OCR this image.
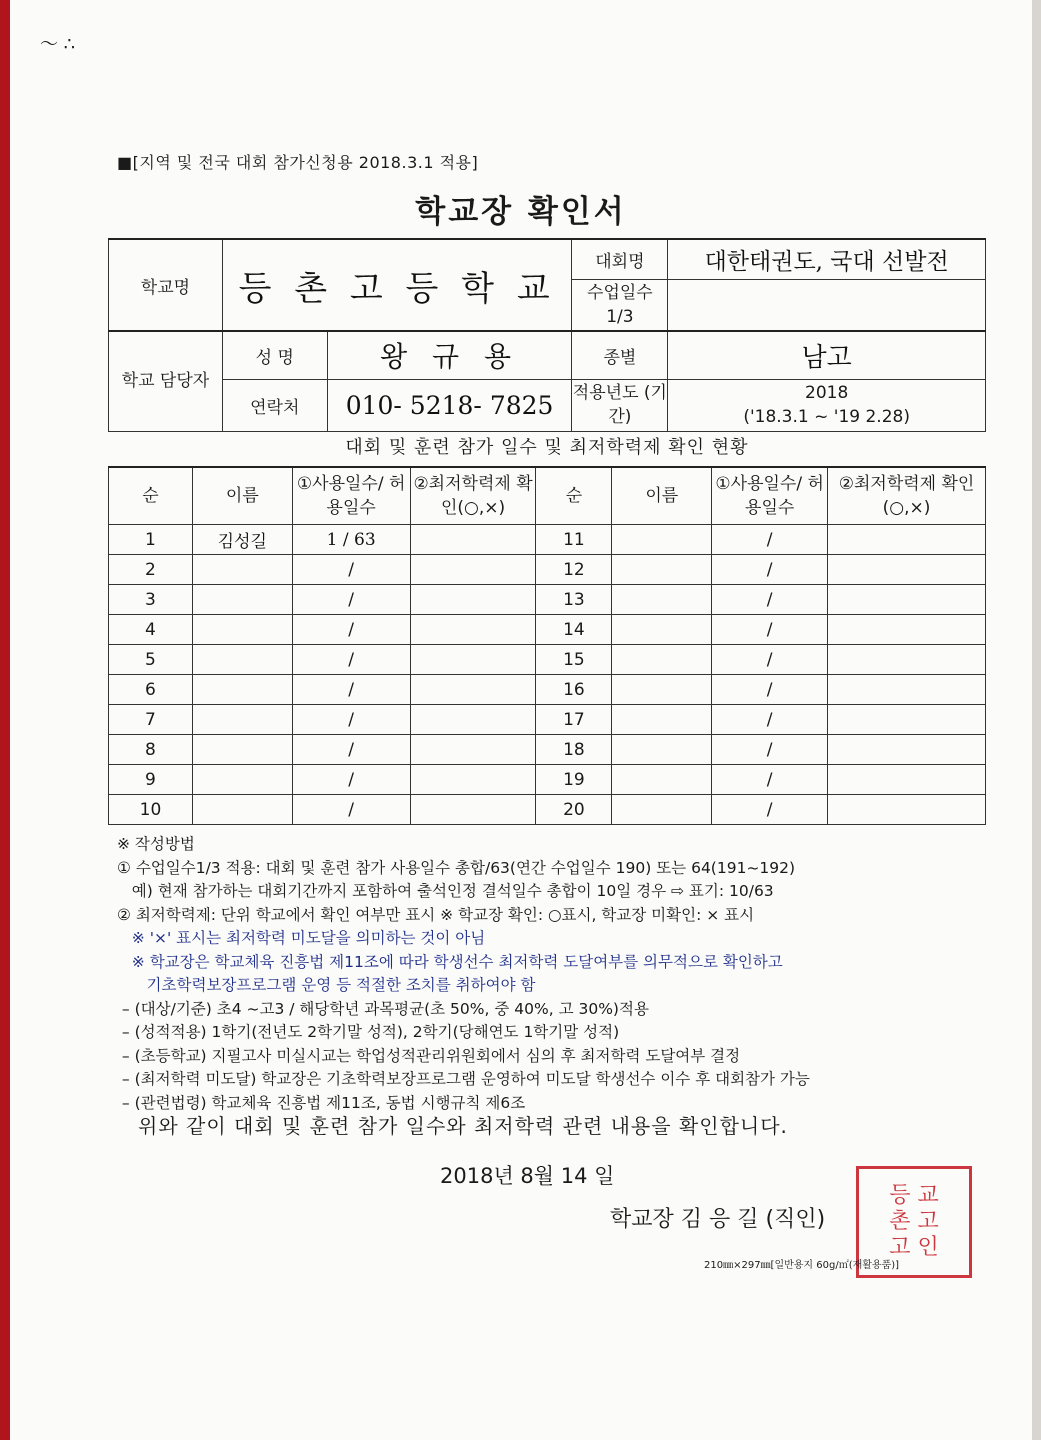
〜 ∴
■[지역 및 전국 대회 참가신청용 2018.3.1 적용]
학교장 확인서
학교명	등 촌 고 등 학 교		대회명	대한태권도, 국대 선발전
			수업일수 1/3	
학교 담당자	성 명	왕 규 용	종별	남고
	연락처	010- 5218- 7825	적용년도 (기간)	2018
('18.3.1 ~ '19 2.28)
대회 및 훈련 참가 일수 및 최저학력제 확인 현황
순	이름	①사용일수/ 허용일수	②최저학력제 확인(○,×)	순	이름	①사용일수/ 허용일수	②최저학력제 확인(○,×)
1	김성길	1 / 63		11		/	
2		/		12		/	
3		/		13		/	
4		/		14		/	
5		/		15		/	
6		/		16		/	
7		/		17		/	
8		/		18		/	
9		/		19		/	
10		/		20		/	
※ 작성방법
① 수업일수1/3 적용: 대회 및 훈련 참가 사용일수 총합/63(연간 수업일수 190) 또는 64(191~192)
예) 현재 참가하는 대회기간까지 포함하여 출석인정 결석일수 총합이 10일 경우 ⇨ 표기: 10/63
② 최저학력제: 단위 학교에서 확인 여부만 표시 ※ 학교장 확인: ○표시, 학교장 미확인: × 표시
※ '×' 표시는 최저학력 미도달을 의미하는 것이 아님
※ 학교장은 학교체육 진흥법 제11조에 따라 학생선수 최저학력 도달여부를 의무적으로 확인하고
기초학력보장프로그램 운영 등 적절한 조치를 취하여야 함
– (대상/기준) 초4 ~고3 / 해당학년 과목평균(초 50%, 중 40%, 고 30%)적용
– (성적적용) 1학기(전년도 2학기말 성적), 2학기(당해연도 1학기말 성적)
– (초등학교) 지필고사 미실시교는 학업성적관리위원회에서 심의 후 최저학력 도달여부 결정
– (최저학력 미도달) 학교장은 기초학력보장프로그램 운영하여 미도달 학생선수 이수 후 대회참가 가능
– (관련법령) 학교체육 진흥법 제11조, 동법 시행규칙 제6조
위와 같이 대회 및 훈련 참가 일수와 최저학력 관련 내용을 확인합니다.
2018년 8월 14 일
학교장 김 응 길 (직인)
등 교
촌 고
고 인
210㎜×297㎜[일반용지 60g/㎡(재활용품)]
